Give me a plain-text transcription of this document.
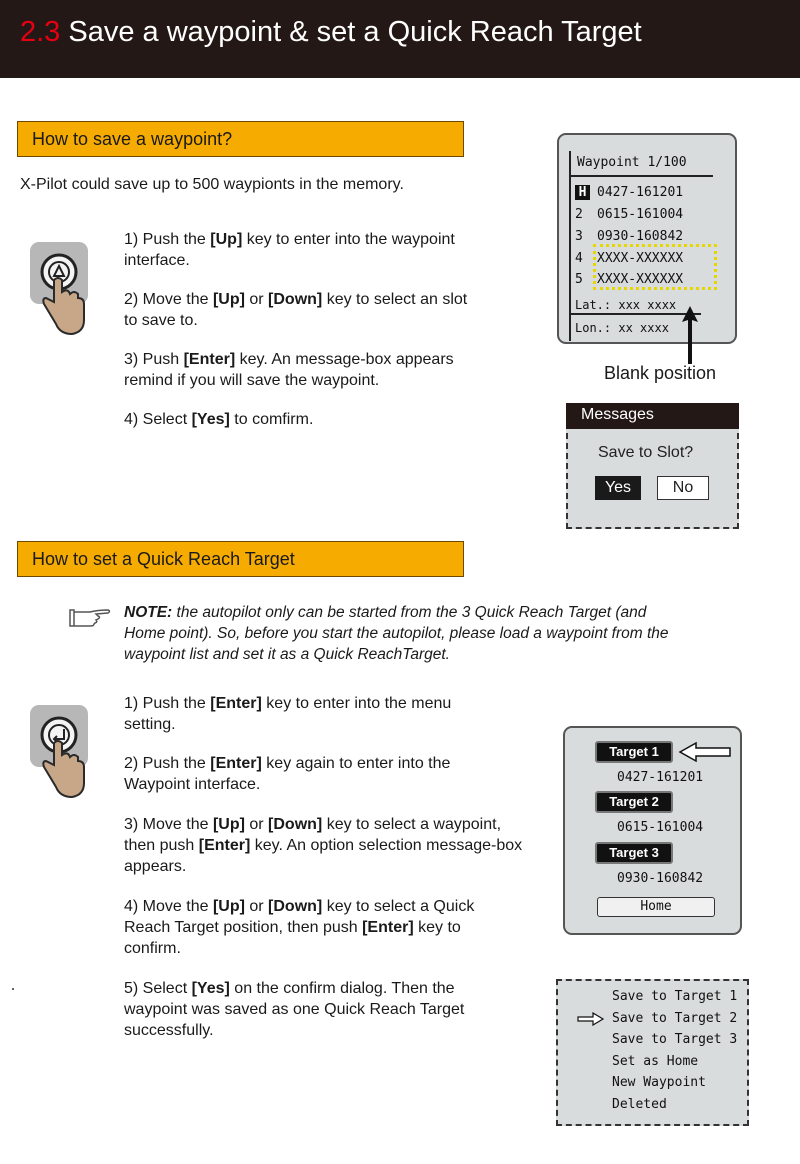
2.3 Save a waypoint & set a Quick Reach Target
How to save a waypoint?
X-Pilot could save up to 500 waypionts in the memory.
1) Push the [Up] key to enter into the waypoint interface.
2) Move the [Up] or [Down] key to select an slot to save to.
3) Push [Enter] key. An message-box appears remind if you will save the waypoint.
4) Select [Yes] to comfirm.
Waypoint 1/100
H 0427-161201
2 0615-161004
3 0930-160842
4 XXXX-XXXXXX
5 XXXX-XXXXXX
Lat.: xxx xxxx
Lon.: xx xxxx
Blank position
Save to Slot?
Yes	No
Messages
How to set a Quick Reach Target
NOTE: the autopilot only can be started from the 3 Quick Reach Target (and Home point). So, before you start the autopilot, please load a waypoint from the waypoint list and set it as a Quick ReachTarget.
1) Push the [Enter] key to enter into the menu setting.
2) Push the [Enter] key again to enter into the Waypoint interface.
3) Move the [Up] or [Down] key to select a waypoint, then push [Enter] key. An option selection message-box appears.
4) Move the [Up] or [Down] key to select a Quick Reach Target position, then push [Enter] key to confirm.
5) Select [Yes] on the confirm dialog. Then the waypoint was saved as one Quick Reach Target successfully.
Target 1
0427-161201
Target 2
0615-161004
Target 3
0930-160842
Home
Save to Target 1
Save to Target 2
Save to Target 3
Set as Home
New Waypoint
Deleted
